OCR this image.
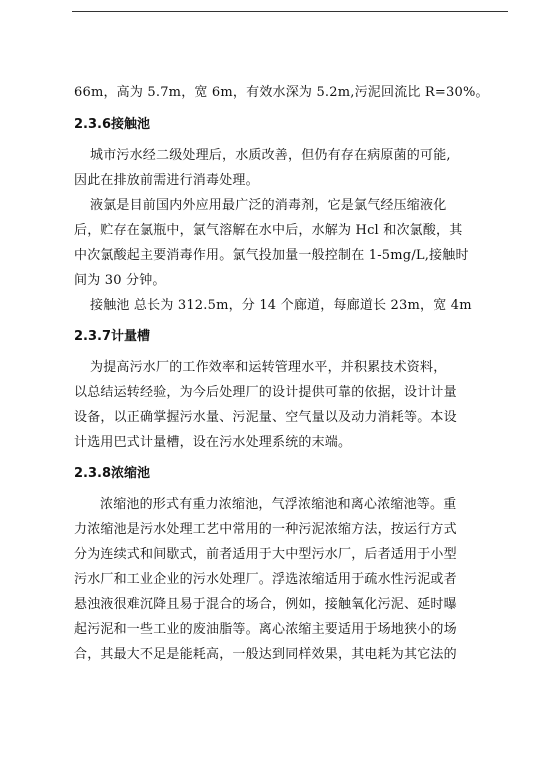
66m，高为 5.7m，宽 6m，有效水深为 5.2m,污泥回流比 R=30%。
2.3.6接触池
城市污水经二级处理后，水质改善，但仍有存在病原菌的可能,
因此在排放前需进行消毒处理。
液氯是目前国内外应用最广泛的消毒剂，它是氯气经压缩液化
后，贮存在氯瓶中，氯气溶解在水中后，水解为 Hcl 和次氯酸，其
中次氯酸起主要消毒作用。氯气投加量一般控制在 1-5mg/L,接触时
间为 30 分钟。
接触池 总长为 312.5m，分 14 个廊道，每廊道长 23m，宽 4m
2.3.7计量槽
为提高污水厂的工作效率和运转管理水平，并积累技术资料，
以总结运转经验，为今后处理厂的设计提供可靠的依据，设计计量
设备，以正确掌握污水量、污泥量、空气量以及动力消耗等。本设
计选用巴式计量槽，设在污水处理系统的末端。
2.3.8浓缩池
浓缩池的形式有重力浓缩池，气浮浓缩池和离心浓缩池等。重
力浓缩池是污水处理工艺中常用的一种污泥浓缩方法，按运行方式
分为连续式和间歇式，前者适用于大中型污水厂，后者适用于小型
污水厂和工业企业的污水处理厂。浮选浓缩适用于疏水性污泥或者
悬浊液很难沉降且易于混合的场合，例如，接触氧化污泥、延时曝
起污泥和一些工业的废油脂等。离心浓缩主要适用于场地狭小的场
合，其最大不足是能耗高，一般达到同样效果，其电耗为其它法的
